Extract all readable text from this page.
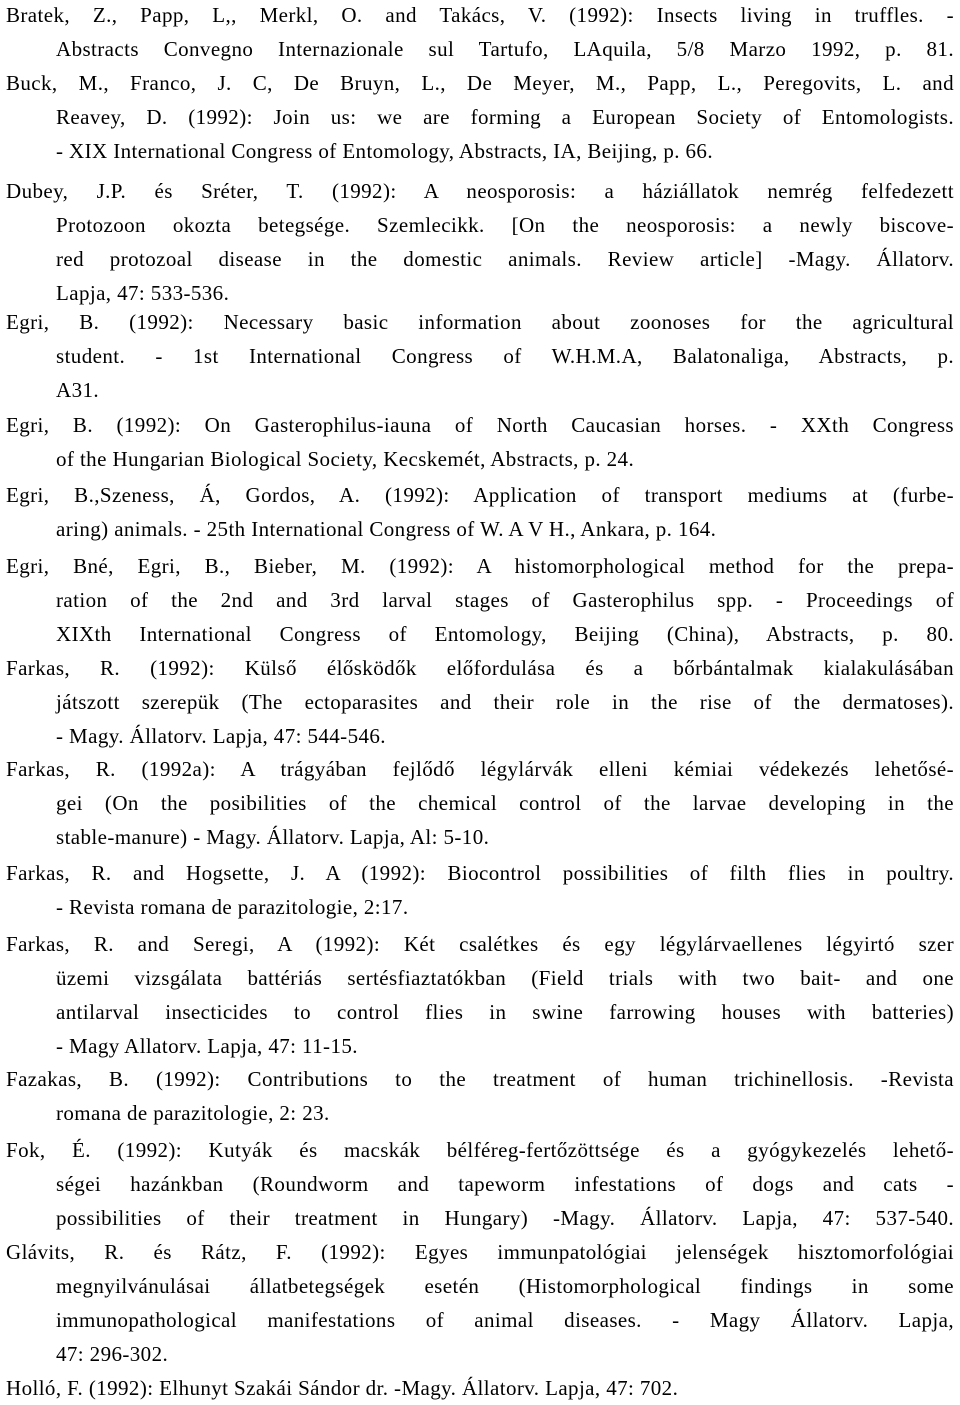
Bratek, Z., Papp, L,, Merkl, O. and Takács, V. (1992): Insects living in truffles. -
Abstracts Convegno Internazionale sul Tartufo, LAquila, 5/8 Marzo 1992, p. 81.
Buck, M., Franco, J. C, De Bruyn, L., De Meyer, M., Papp, L., Peregovits, L. and
Reavey, D. (1992): Join us: we are forming a European Society of Entomologists.
- XIX International Congress of Entomology, Abstracts, IA, Beijing, p. 66.
Dubey, J.P. és Sréter, T. (1992): A neosporosis: a háziállatok nemrég felfedezett
Protozoon okozta betegsége. Szemlecikk. [On the neosporosis: a newly biscove-
red protozoal disease in the domestic animals. Review article] -Magy. Állatorv.
Lapja, 47: 533-536.
Egri, B. (1992): Necessary basic information about zoonoses for the agricultural
student. - 1st International Congress of W.H.M.A, Balatonaliga, Abstracts, p.
A31.
Egri, B. (1992): On Gasterophilus-iauna of North Caucasian horses. - XXth Congress
of the Hungarian Biological Society, Kecskemét, Abstracts, p. 24.
Egri, B.,Szeness, Á, Gordos, A. (1992): Application of transport mediums at (furbe-
aring) animals. - 25th International Congress of W. A V H., Ankara, p. 164.
Egri, Bné, Egri, B., Bieber, M. (1992): A histomorphological method for the prepa-
ration of the 2nd and 3rd larval stages of Gasterophilus spp. - Proceedings of
XIXth International Congress of Entomology, Beijing (China), Abstracts, p. 80.
Farkas, R. (1992): Külső élősködők előfordulása és a bőrbántalmak kialakulásában
játszott szerepük (The ectoparasites and their role in the rise of the dermatoses).
- Magy. Állatorv. Lapja, 47: 544-546.
Farkas, R. (1992a): A trágyában fejlődő légylárvák elleni kémiai védekezés lehetősé-
gei (On the posibilities of the chemical control of the larvae developing in the
stable-manure) - Magy. Állatorv. Lapja, Al: 5-10.
Farkas, R. and Hogsette, J. A (1992): Biocontrol possibilities of filth flies in poultry.
- Revista romana de parazitologie, 2:17.
Farkas, R. and Seregi, A (1992): Két csalétkes és egy légylárvaellenes légyirtó szer
üzemi vizsgálata battériás sertésfiaztatókban (Field trials with two bait- and one
antilarval insecticides to control flies in swine farrowing houses with batteries)
- Magy Allatorv. Lapja, 47: 11-15.
Fazakas, B. (1992): Contributions to the treatment of human trichinellosis. -Revista
romana de parazitologie, 2: 23.
Fok, É. (1992): Kutyák és macskák bélféreg-fertőzöttsége és a gyógykezelés lehető-
ségei hazánkban (Roundworm and tapeworm infestations of dogs and cats -
possibilities of their treatment in Hungary) -Magy. Állatorv. Lapja, 47: 537-540.
Glávits, R. és Rátz, F. (1992): Egyes immunpatológiai jelenségek hisztomorfológiai
megnyilvánulásai állatbetegségek esetén (Histomorphological findings in some
immunopathological manifestations of animal diseases. - Magy Állatorv. Lapja,
47: 296-302.
Holló, F. (1992): Elhunyt Szakái Sándor dr. -Magy. Állatorv. Lapja, 47: 702.
